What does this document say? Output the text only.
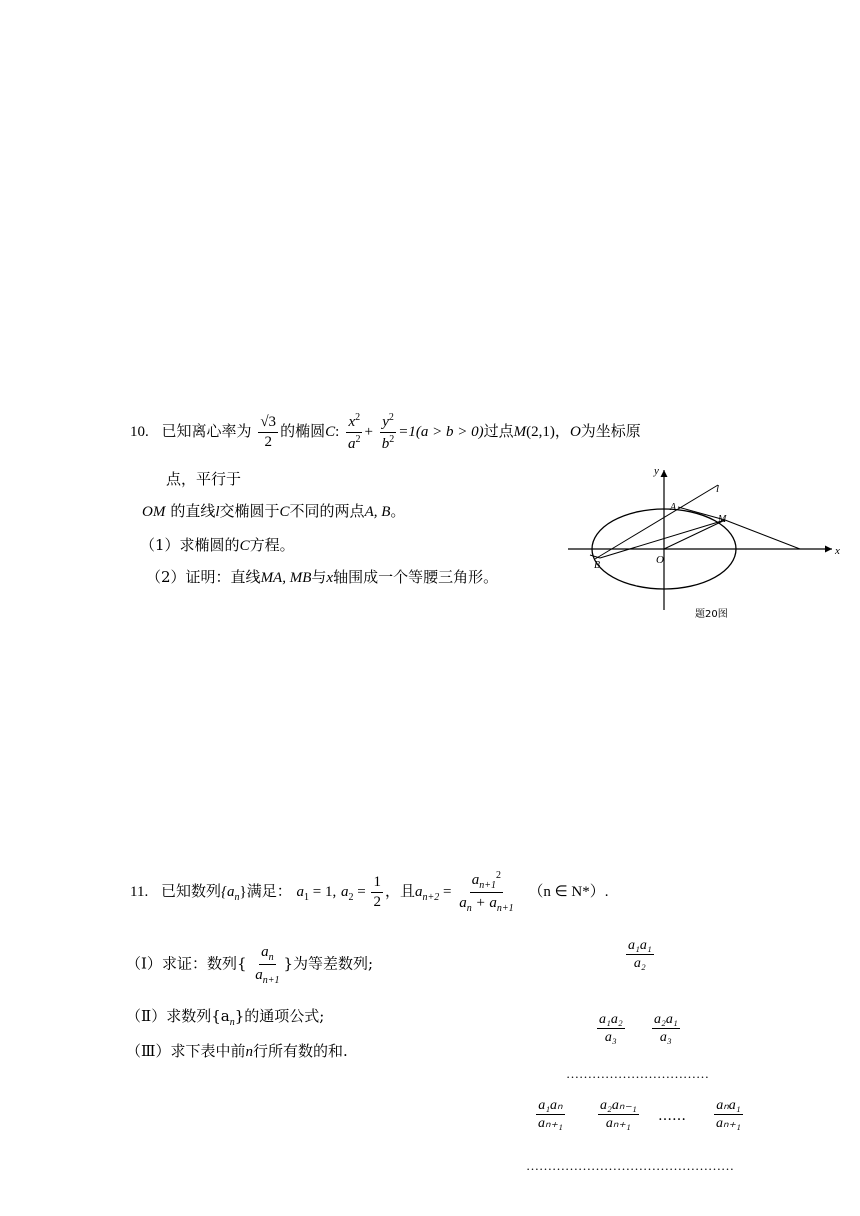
10. 已知离心率为 $\frac{√3}{2}$ 的椭圆C: $\frac{x^2}{a^2} + \frac{y^2}{b^2} =1(a > b > 0)$过点M(2,1)，O为坐标原
点，平行于
OM 的直线l交椭圆于C不同的两点A, B。
（1）求椭圆的C方程。
（2）证明：直线MA, MB与x轴围成一个等腰三角形。
y
x
O
A
B
M
l
题20图
11. 已知数列$\{a_n\}$满足： $a_1 = 1$, $a_2 = \frac{1}{2}$ ，且$a_{n+2} = \frac{a_{n+1}^2}{a_n + a_{n+1}} (n$ ∈ N*）.
（Ⅰ）求证：数列{ $\frac{a_n}{a_{n+1}}$ }为等差数列;
（Ⅱ）求数列$\{a_n\}$的通项公式;
（Ⅲ）求下表中前n行所有数的和.
$\frac{\text{a₁a₁}}{\text{a₂}}$
$\frac{\text{a₁a₂}}{\text{a₃}} \frac{\text{a₂a₁}}{\text{a₃}}$
……………………………
$\frac{\text{a₁aₙ}}{\text{aₙ₊₁}} \frac{\text{a₂aₙ₋₁}}{\text{aₙ₊₁}}$ ……
aₙa₁
aₙ₊₁
…………………………………………
